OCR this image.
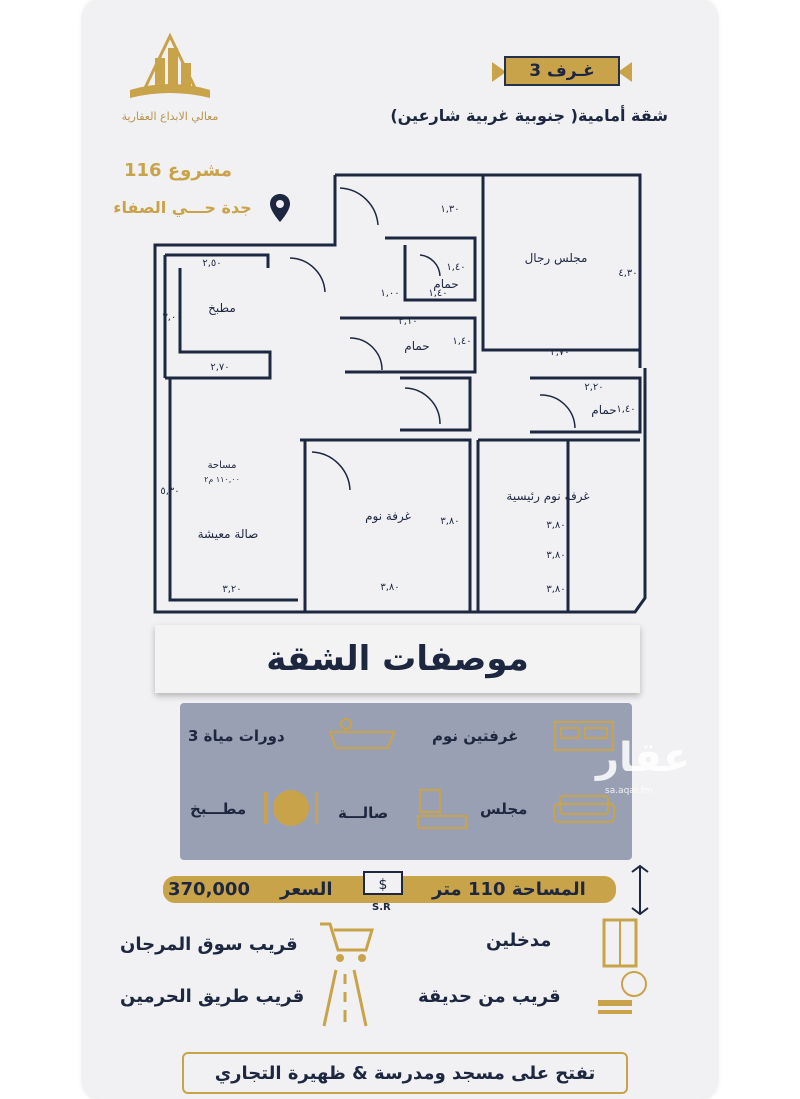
معالي الابداع العقارية
3 غـرف
شقة أمامية( جنوبية غربية شارعين)
مشروع 116
جدة حـــي الصفاء
مجلس رجال
حمام
حمام
حمام
مطبخ
مساحة
١١٠,٠٠ م٢
صالة معيشة
غرفة نوم
غرفة نوم رئيسية
١,٣٠
٤,٣٠
١,٤٠
١,٠٠	١,٤٠
٣,١٠
١,٤٠
٣,٧٠
٢,٥٠
٣,٠٠
٢,٧٠
٢,٢٠
١,٤٠
٥,٣٠
٣,٨٠	٣,٨٠
٣,٨٠
٣,٢٠	٣,٨٠	٣,٨٠
موصفات الشقة
عقار
sa.aqar.fm
غرفتين نوم
3 دورات مياة
مجلس
صالـــة
مطـــبخ
المساحة 110 متر
السعر
370,000	$
S.R
مدخلين
قريب من حديقة
قريب سوق المرجان
قريب طريق الحرمين
تفتح على مسجد ومدرسة & ظهيرة التجاري
